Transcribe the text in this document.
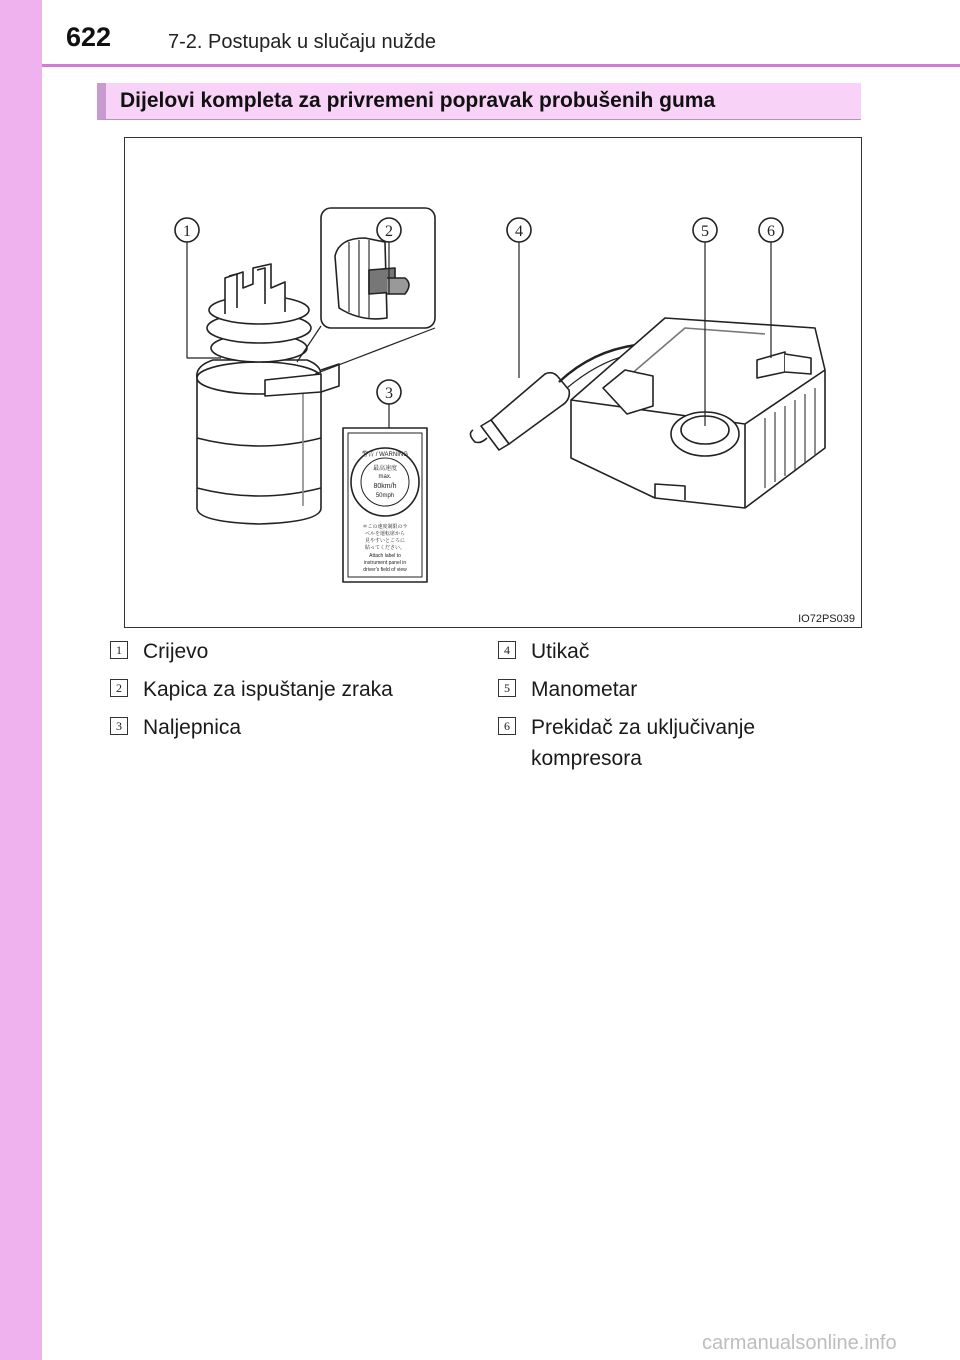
622	7-2. Postupak u slučaju nužde
Dijelovi kompleta za privremeni popravak probušenih guma
1	2
3
4	5	6
警告 / WARNING
最高速度
max.
80km/h
50mph
＊この速度制限のラ
ベルを運転席から
見やすいところに
貼ってください。
Attach label to
instrument panel in
driver's field of view
IO72PS039
1 Crijevo
2 Kapica za ispuštanje zraka
3 Naljepnica
4 Utikač
5 Manometar
6 Prekidač za uključivanje kompresora
carmanualsonline.info
